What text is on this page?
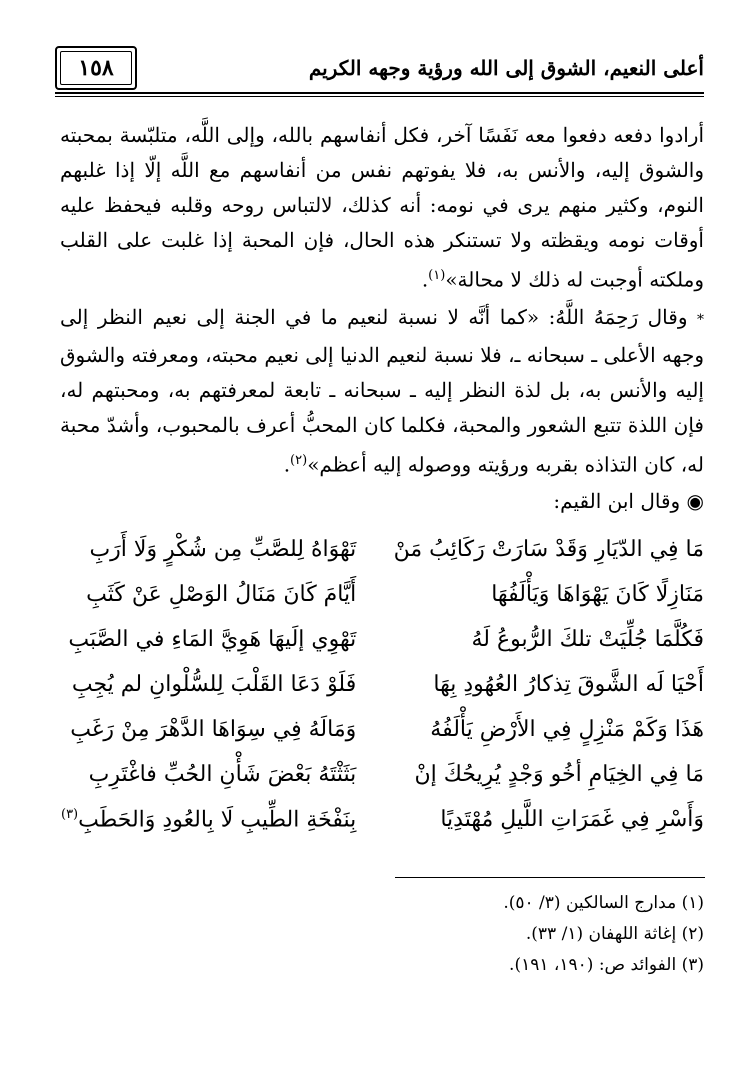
أعلى النعيم، الشوق إلى الله ورؤية وجهه الكريم
١٥٨

أرادوا دفعه دفعوا معه نَفَسًا آخر، فكل أنفاسهم بالله، وإلى اللَّه، متلبّسة بمحبته والشوق إليه، والأنس به، فلا يفوتهم نفس من أنفاسهم مع اللَّه إلّا إذا غلبهم النوم، وكثير منهم يرى في نومه: أنه كذلك، لالتباس روحه وقلبه فيحفظ عليه أوقات نومه ويقظته ولا تستنكر هذه الحال، فإن المحبة إذا غلبت على القلب وملكته أوجبت له ذلك لا محالة»$^{(١)}$.

* وقال رَحِمَهُ اللَّهُ: «كما أنَّه لا نسبة لنعيم ما في الجنة إلى نعيم النظر إلى وجهه الأعلى ـ سبحانه ـ، فلا نسبة لنعيم الدنيا إلى نعيم محبته، ومعرفته والشوق إليه والأنس به، بل لذة النظر إليه ـ سبحانه ـ تابعة لمعرفتهم به، ومحبتهم له، فإن اللذة تتبع الشعور والمحبة، فكلما كان المحبُّ أعرف بالمحبوب، وأشدّ محبة له، كان التذاذه بقربه ورؤيته ووصوله إليه أعظم»$^{(٢)}$.

◉ وقال ابن القيم:

مَا فِي الدّيَارِ وَقَدْ سَارَتْ رَكَائِبُ مَنْ
تَهْوَاهُ لِلصَّبِّ مِن شُكْرٍ وَلَا أَرَبِ
مَنَازِلًا كَانَ يَهْوَاهَا وَيَأْلَفُهَا
أَيَّامَ كَانَ مَنَالُ الوَصْلِ عَنْ كَثَبِ
فَكُلَّمَا جُلِّيَتْ تلكَ الرُّبوعُ لَهُ
تَهْوِي إلَيهَا هَوِيَّ المَاءِ في الصَّبَبِ
أَحْيَا لَه الشَّوقَ تِذكارُ العُهُودِ بِهَا
فَلَوْ دَعَا القَلْبَ لِلسُّلْوانِ لم يُجِبِ
هَذَا وَكَمْ مَنْزِلٍ فِي الأَرْضِ يَأْلَفُهُ
وَمَالَهُ فِي سِوَاهَا الدَّهْرَ مِنْ رَغَبِ
مَا فِي الخِيَامِ أخُو وَجْدٍ يُرِيحُكَ إنْ
بَثَثْتَهُ بَعْضَ شَأْنِ الحُبِّ فاغْتَرِبِ
وَأَسْرِ فِي غَمَرَاتِ اللَّيلِ مُهْتَدِيًا
بِنَفْخَةِ الطِّيبِ لَا بِالعُودِ وَالحَطَبِ$^{(٣)}$
(١) مدارج السالكين (٣/ ٥٠).
(٢) إغاثة اللهفان (١/ ٣٣).
(٣) الفوائد ص: (١٩٠، ١٩١).
